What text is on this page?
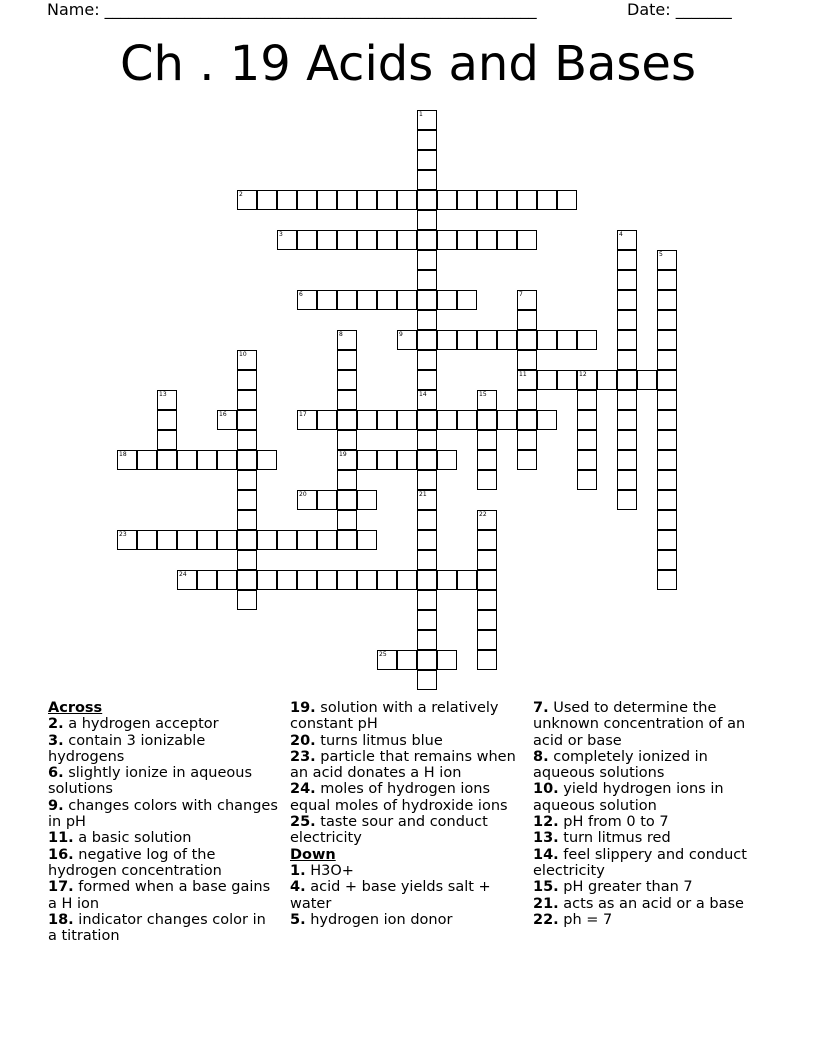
Name: ______________________________________________________	Date: _______
Ch . 19 Acids and Bases
1
14
21
2
3	4
5
6	7
11
8
19
9
10
12
13	15
16	17
18
20
22
23
24
25
Across
2. a hydrogen acceptor
3. contain 3 ionizable hydrogens
6. slightly ionize in aqueous solutions
9. changes colors with changes in pH
11. a basic solution
16. negative log of the hydrogen concentration
17. formed when a base gains a H ion
18. indicator changes color in a titration
19. solution with a relatively constant pH
20. turns litmus blue
23. particle that remains when an acid donates a H ion
24. moles of hydrogen ions equal moles of hydroxide ions
25. taste sour and conduct electricity
Down
1. H3O+
4. acid + base yields salt + water
5. hydrogen ion donor
7. Used to determine the unknown concentration of an acid or base
8. completely ionized in aqueous solutions
10. yield hydrogen ions in aqueous solution
12. pH from 0 to 7
13. turn litmus red
14. feel slippery and conduct electricity
15. pH greater than 7
21. acts as an acid or a base
22. ph = 7
